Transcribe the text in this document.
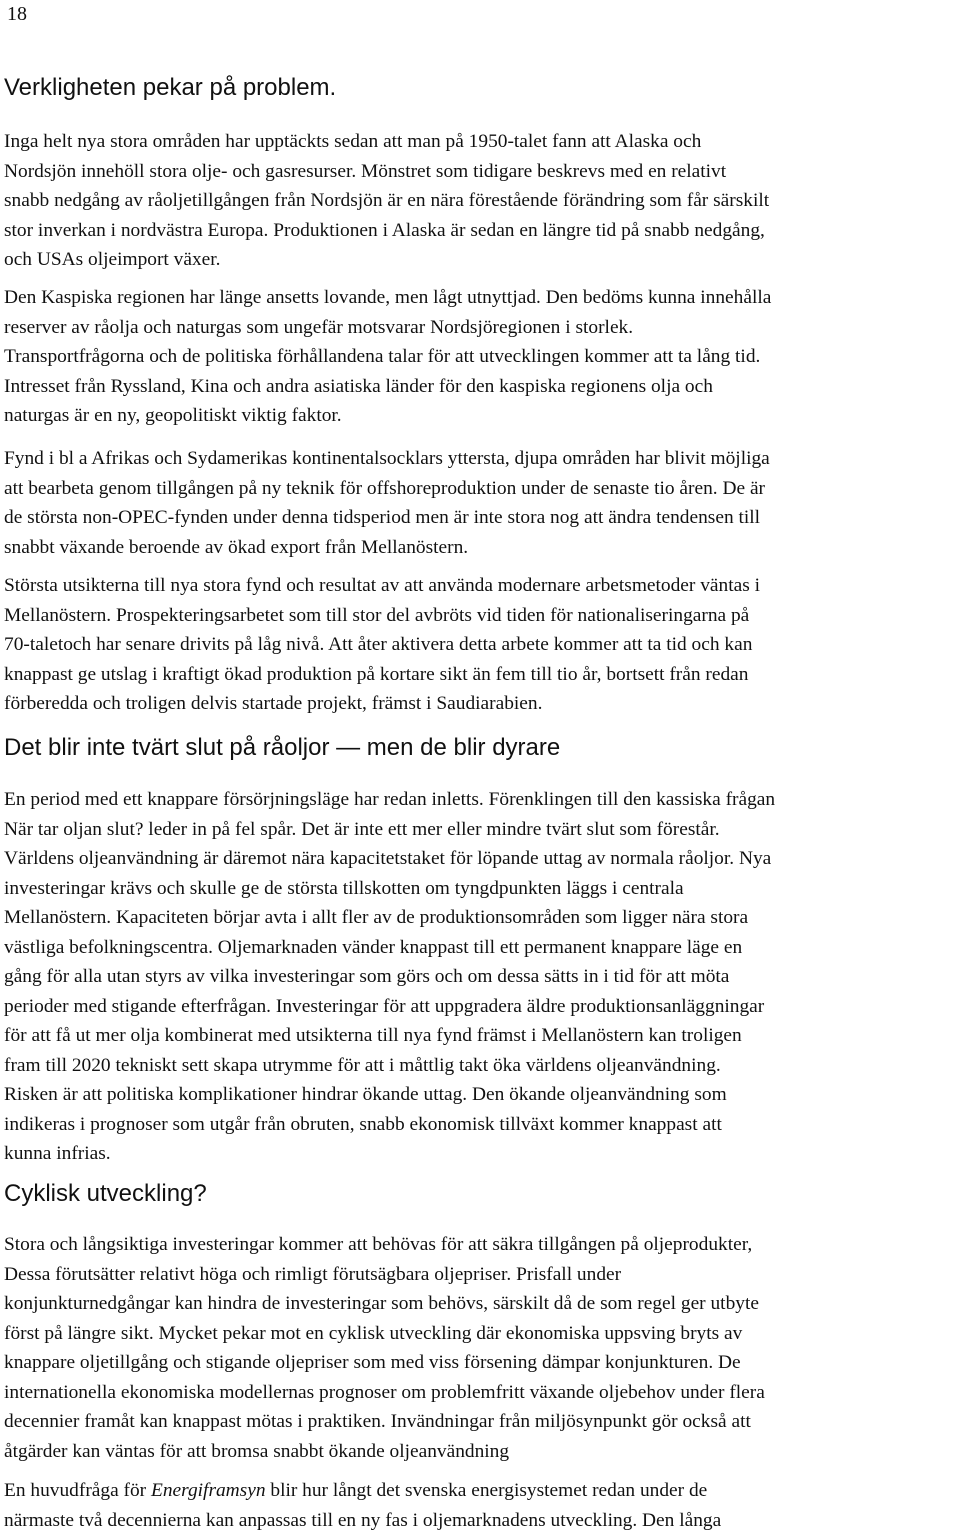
18
Verkligheten pekar på problem.

Inga helt nya stora områden har upptäckts sedan att man på 1950-talet fann att Alaska och
Nordsjön innehöll stora olje- och gasresurser. Mönstret som tidigare beskrevs med en relativt
snabb nedgång av råoljetillgången från Nordsjön är en nära förestående förändring som får särskilt
stor inverkan i nordvästra Europa. Produktionen i Alaska är sedan en längre tid på snabb nedgång,
och USAs oljeimport växer.

Den Kaspiska regionen har länge ansetts lovande, men lågt utnyttjad. Den bedöms kunna innehålla
reserver av råolja och naturgas som ungefär motsvarar Nordsjöregionen i storlek.
Transportfrågorna och de politiska förhållandena talar för att utvecklingen kommer att ta lång tid.
Intresset från Ryssland, Kina och andra asiatiska länder för den kaspiska regionens olja och
naturgas är en ny, geopolitiskt viktig faktor.

Fynd i bl a Afrikas och Sydamerikas kontinentalsocklars yttersta, djupa områden har blivit möjliga
att bearbeta genom tillgången på ny teknik för offshoreproduktion under de senaste tio åren. De är
de största non-OPEC-fynden under denna tidsperiod men är inte stora nog att ändra tendensen till
snabbt växande beroende av ökad export från Mellanöstern.

Största utsikterna till nya stora fynd och resultat av att använda modernare arbetsmetoder väntas i
Mellanöstern. Prospekteringsarbetet som till stor del avbröts vid tiden för nationaliseringarna på
70-taletoch har senare drivits på låg nivå. Att åter aktivera detta arbete kommer att ta tid och kan
knappast ge utslag i kraftigt ökad produktion på kortare sikt än fem till tio år, bortsett från redan
förberedda och troligen delvis startade projekt, främst i Saudiarabien.

Det blir inte tvärt slut på råoljor — men de blir dyrare

En period med ett knappare försörjningsläge har redan inletts. Förenklingen till den kassiska frågan
När tar oljan slut? leder in på fel spår. Det är inte ett mer eller mindre tvärt slut som förestår.
Världens oljeanvändning är däremot nära kapacitetstaket för löpande uttag av normala råoljor. Nya
investeringar krävs och skulle ge de största tillskotten om tyngdpunkten läggs i centrala
Mellanöstern. Kapaciteten börjar avta i allt fler av de produktionsområden som ligger nära stora
västliga befolkningscentra. Oljemarknaden vänder knappast till ett permanent knappare läge en
gång för alla utan styrs av vilka investeringar som görs och om dessa sätts in i tid för att möta
perioder med stigande efterfrågan. Investeringar för att uppgradera äldre produktionsanläggningar
för att få ut mer olja kombinerat med utsikterna till nya fynd främst i Mellanöstern kan troligen
fram till 2020 tekniskt sett skapa utrymme för att i måttlig takt öka världens oljeanvändning.
Risken är att politiska komplikationer hindrar ökande uttag. Den ökande oljeanvändning som
indikeras i prognoser som utgår från obruten, snabb ekonomisk tillväxt kommer knappast att
kunna infrias.

Cyklisk utveckling?

Stora och långsiktiga investeringar kommer att behövas för att säkra tillgången på oljeprodukter,
Dessa förutsätter relativt höga och rimligt förutsägbara oljepriser. Prisfall under
konjunkturnedgångar kan hindra de investeringar som behövs, särskilt då de som regel ger utbyte
först på längre sikt. Mycket pekar mot en cyklisk utveckling där ekonomiska uppsving bryts av
knappare oljetillgång och stigande oljepriser som med viss försening dämpar konjunkturen. De
internationella ekonomiska modellernas prognoser om problemfritt växande oljebehov under flera
decennier framåt kan knappast mötas i praktiken. Invändningar från miljösynpunkt gör också att
åtgärder kan väntas för att bromsa snabbt ökande oljeanvändning

En huvudfråga för Energiframsyn blir hur långt det svenska energisystemet redan under de
närmaste två decennierna kan anpassas till en ny fas i oljemarknadens utveckling. Den långa
